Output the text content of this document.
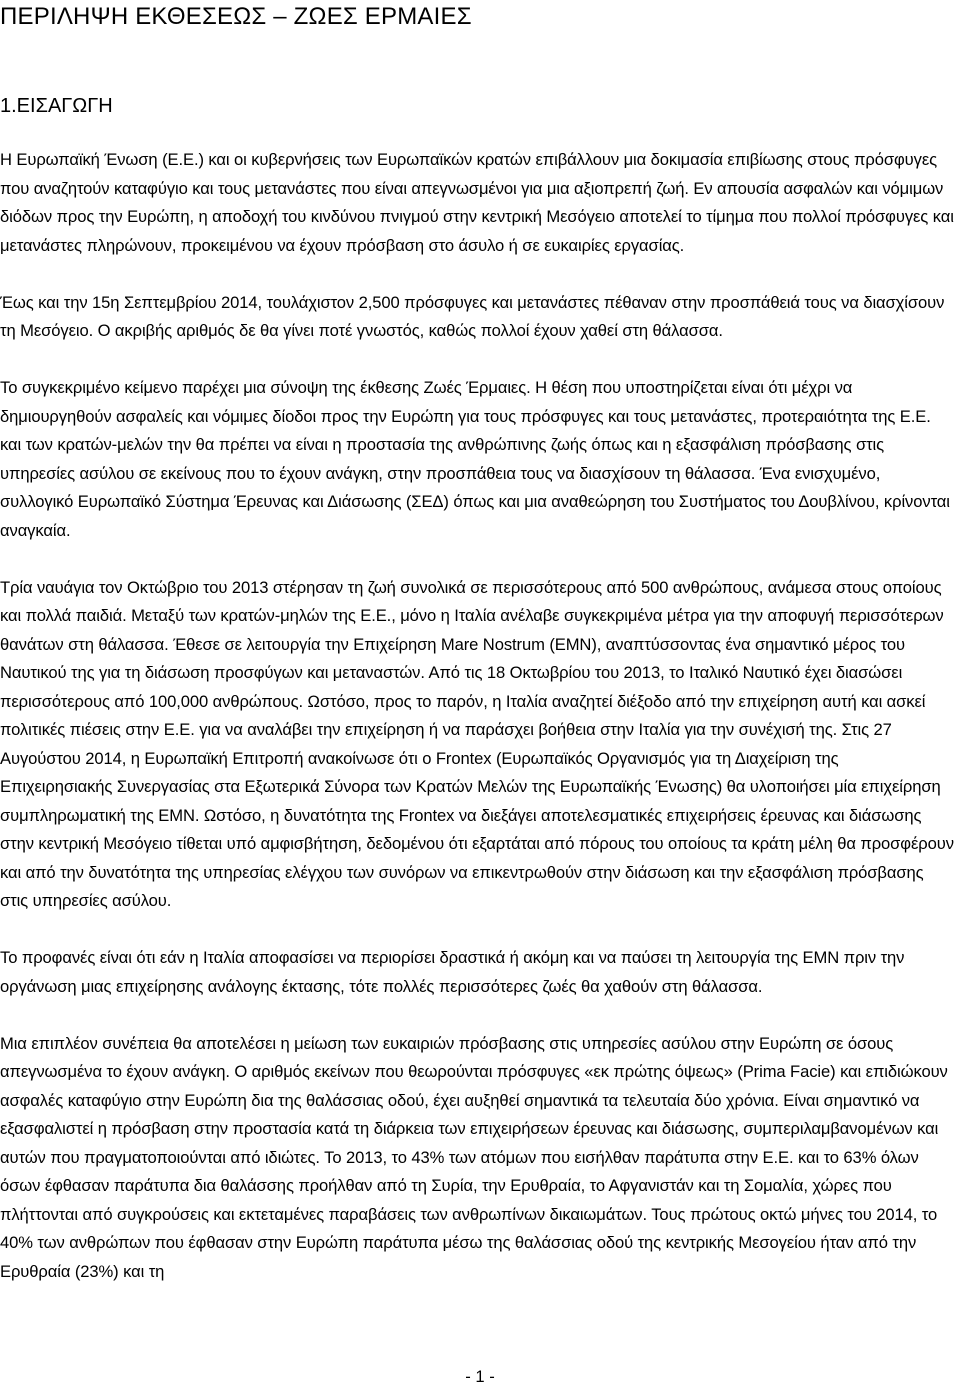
ΠΕΡΙΛΗΨΗ ΕΚΘΕΣΕΩΣ – ΖΩΕΣ ΕΡΜΑΙΕΣ
1.ΕΙΣΑΓΩΓΗ

Η Ευρωπαϊκή Ένωση (Ε.Ε.) και οι κυβερνήσεις των Ευρωπαϊκών κρατών επιβάλλουν μια δοκιμασία επιβίωσης στους πρόσφυγες που αναζητούν καταφύγιο και τους μετανάστες που είναι απεγνωσμένοι για μια αξιοπρεπή ζωή. Εν απουσία ασφαλών και νόμιμων διόδων προς την Ευρώπη, η αποδοχή του κινδύνου πνιγμού στην κεντρική Μεσόγειο αποτελεί το τίμημα που πολλοί πρόσφυγες και μετανάστες πληρώνουν, προκειμένου να έχουν πρόσβαση στο άσυλο ή σε ευκαιρίες εργασίας.

Έως και την 15η Σεπτεμβρίου 2014, τουλάχιστον 2,500 πρόσφυγες και μετανάστες πέθαναν στην προσπάθειά τους να διασχίσουν τη Μεσόγειο. Ο ακριβής αριθμός δε θα γίνει ποτέ γνωστός, καθώς πολλοί έχουν χαθεί στη θάλασσα.

Το συγκεκριμένο κείμενο παρέχει μια σύνοψη της έκθεσης Ζωές Έρμαιες. Η θέση που υποστηρίζεται είναι ότι μέχρι να δημιουργηθούν ασφαλείς και νόμιμες δίοδοι προς την Ευρώπη για τους πρόσφυγες και τους μετανάστες, προτεραιότητα της Ε.Ε. και των κρατών-μελών την θα πρέπει να είναι η προστασία της ανθρώπινης ζωής όπως και η εξασφάλιση πρόσβασης στις υπηρεσίες ασύλου σε εκείνους που το έχουν ανάγκη, στην προσπάθεια τους να διασχίσουν τη θάλασσα. Ένα ενισχυμένο, συλλογικό Ευρωπαϊκό Σύστημα Έρευνας και Διάσωσης (ΣΕΔ) όπως και μια αναθεώρηση του Συστήματος του Δουβλίνου, κρίνονται αναγκαία.

Τρία ναυάγια τον Οκτώβριο του 2013 στέρησαν τη ζωή συνολικά σε περισσότερους από 500 ανθρώπους, ανάμεσα στους οποίους και πολλά παιδιά. Μεταξύ των κρατών-μηλών της Ε.Ε., μόνο η Ιταλία ανέλαβε συγκεκριμένα μέτρα για την αποφυγή περισσότερων θανάτων στη θάλασσα. Έθεσε σε λειτουργία την Επιχείρηση Mare Nostrum (ΕΜΝ), αναπτύσσοντας ένα σημαντικό μέρος του Ναυτικού της για τη διάσωση προσφύγων και μεταναστών. Από τις 18 Οκτωβρίου του 2013, το Ιταλικό Ναυτικό έχει διασώσει περισσότερους από 100,000 ανθρώπους. Ωστόσο, προς το παρόν, η Ιταλία αναζητεί διέξοδο από την επιχείρηση αυτή και ασκεί πολιτικές πιέσεις στην Ε.Ε. για να αναλάβει την επιχείρηση ή να παράσχει βοήθεια στην Ιταλία για την συνέχισή της. Στις 27 Αυγούστου 2014, η Ευρωπαϊκή Επιτροπή ανακοίνωσε ότι ο Frontex (Ευρωπαϊκός Οργανισμός για τη Διαχείριση της Επιχειρησιακής Συνεργασίας στα Εξωτερικά Σύνορα των Κρατών Μελών της Ευρωπαϊκής Ένωσης) θα υλοποιήσει μία επιχείρηση συμπληρωματική της ΕΜΝ. Ωστόσο, η δυνατότητα της Frontex να διεξάγει αποτελεσματικές επιχειρήσεις έρευνας και διάσωσης στην κεντρική Μεσόγειο τίθεται υπό αμφισβήτηση, δεδομένου ότι εξαρτάται από πόρους του οποίους τα κράτη μέλη θα προσφέρουν και από την δυνατότητα της υπηρεσίας ελέγχου των συνόρων να επικεντρωθούν στην διάσωση και την εξασφάλιση πρόσβασης στις υπηρεσίες ασύλου.

Το προφανές είναι ότι εάν η Ιταλία αποφασίσει να περιορίσει δραστικά ή ακόμη και να παύσει τη λειτουργία της ΕΜΝ πριν την οργάνωση μιας επιχείρησης ανάλογης έκτασης, τότε πολλές περισσότερες ζωές θα χαθούν στη θάλασσα.

Μια επιπλέον συνέπεια θα αποτελέσει η μείωση των ευκαιριών πρόσβασης στις υπηρεσίες ασύλου στην Ευρώπη σε όσους απεγνωσμένα το έχουν ανάγκη. Ο αριθμός εκείνων που θεωρούνται πρόσφυγες «εκ πρώτης όψεως» (Prima Facie) και επιδιώκουν ασφαλές καταφύγιο στην Ευρώπη δια της θαλάσσιας οδού, έχει αυξηθεί σημαντικά τα τελευταία δύο χρόνια. Είναι σημαντικό να εξασφαλιστεί η πρόσβαση στην προστασία κατά τη διάρκεια των επιχειρήσεων έρευνας και διάσωσης, συμπεριλαμβανομένων και αυτών που πραγματοποιούνται από ιδιώτες. Το 2013, το 43% των ατόμων που εισήλθαν παράτυπα στην Ε.Ε. και το 63% όλων όσων έφθασαν παράτυπα δια θαλάσσης προήλθαν από τη Συρία, την Ερυθραία, το Αφγανιστάν και τη Σομαλία, χώρες που πλήττονται από συγκρούσεις και εκτεταμένες παραβάσεις των ανθρωπίνων δικαιωμάτων. Τους πρώτους οκτώ μήνες του 2014, το 40% των ανθρώπων που έφθασαν στην Ευρώπη παράτυπα μέσω της θαλάσσιας οδού της κεντρικής Μεσογείου ήταν από την Ερυθραία (23%) και τη

- 1 -
